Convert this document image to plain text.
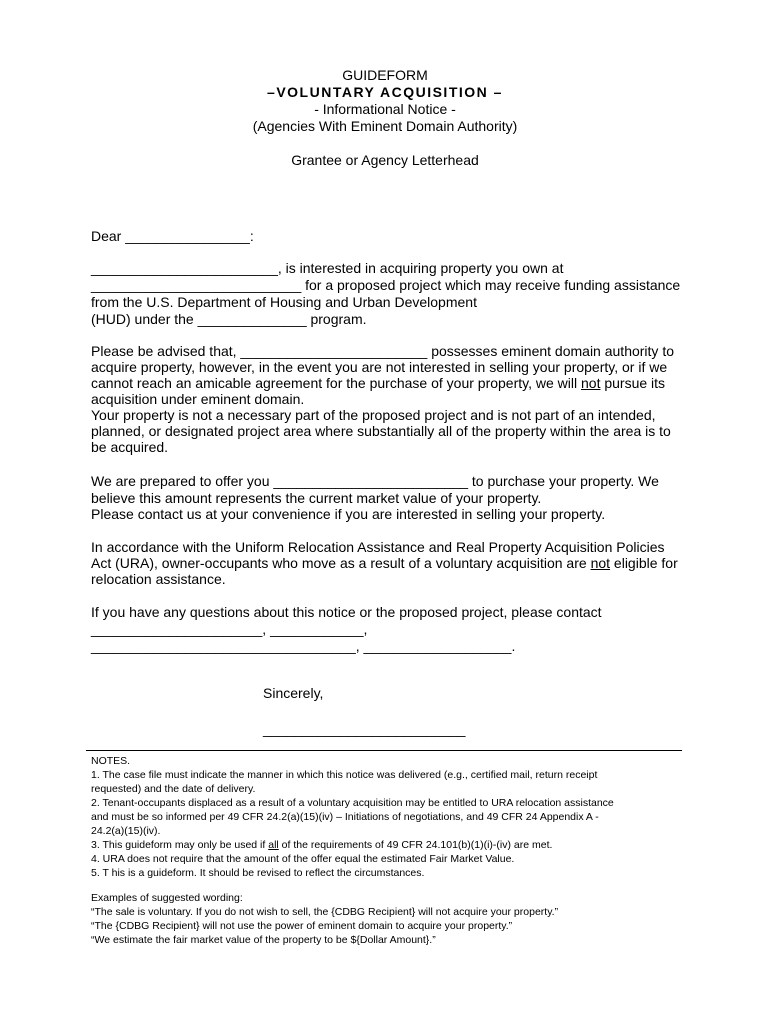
GUIDEFORM
–VOLUNTARY ACQUISITION –
- Informational Notice -
(Agencies With Eminent Domain Authority)
Grantee or Agency Letterhead
Dear ________________:
________________________, is interested in acquiring property you own at
___________________________ for a proposed project which may receive funding assistance
from the U.S. Department of Housing and Urban Development
(HUD) under the ______________ program.
Please be advised that, ________________________ possesses eminent domain authority to
acquire property, however, in the event you are not interested in selling your property, or if we
cannot reach an amicable agreement for the purchase of your property, we will not pursue its
acquisition under eminent domain.
Your property is not a necessary part of the proposed project and is not part of an intended,
planned, or designated project area where substantially all of the property within the area is to
be acquired.
We are prepared to offer you _________________________ to purchase your property. We
believe this amount represents the current market value of your property.
Please contact us at your convenience if you are interested in selling your property.
In accordance with the Uniform Relocation Assistance and Real Property Acquisition Policies
Act (URA), owner-occupants who move as a result of a voluntary acquisition are not eligible for
relocation assistance.
If you have any questions about this notice or the proposed project, please contact
______________________, ____________,
__________________________________, ___________________.
Sincerely,
__________________________
NOTES.
1. The case file must indicate the manner in which this notice was delivered (e.g., certified mail, return receipt
requested) and the date of delivery.
2. Tenant-occupants displaced as a result of a voluntary acquisition may be entitled to URA relocation assistance
and must be so informed per 49 CFR 24.2(a)(15)(iv) – Initiations of negotiations, and 49 CFR 24 Appendix A -
24.2(a)(15)(iv).
3. This guideform may only be used if all of the requirements of 49 CFR 24.101(b)(1)(i)-(iv) are met.
4. URA does not require that the amount of the offer equal the estimated Fair Market Value.
5. T his is a guideform. It should be revised to reflect the circumstances.
Examples of suggested wording:
“The sale is voluntary. If you do not wish to sell, the {CDBG Recipient} will not acquire your property.”
“The {CDBG Recipient} will not use the power of eminent domain to acquire your property.”
“We estimate the fair market value of the property to be ${Dollar Amount}.”
